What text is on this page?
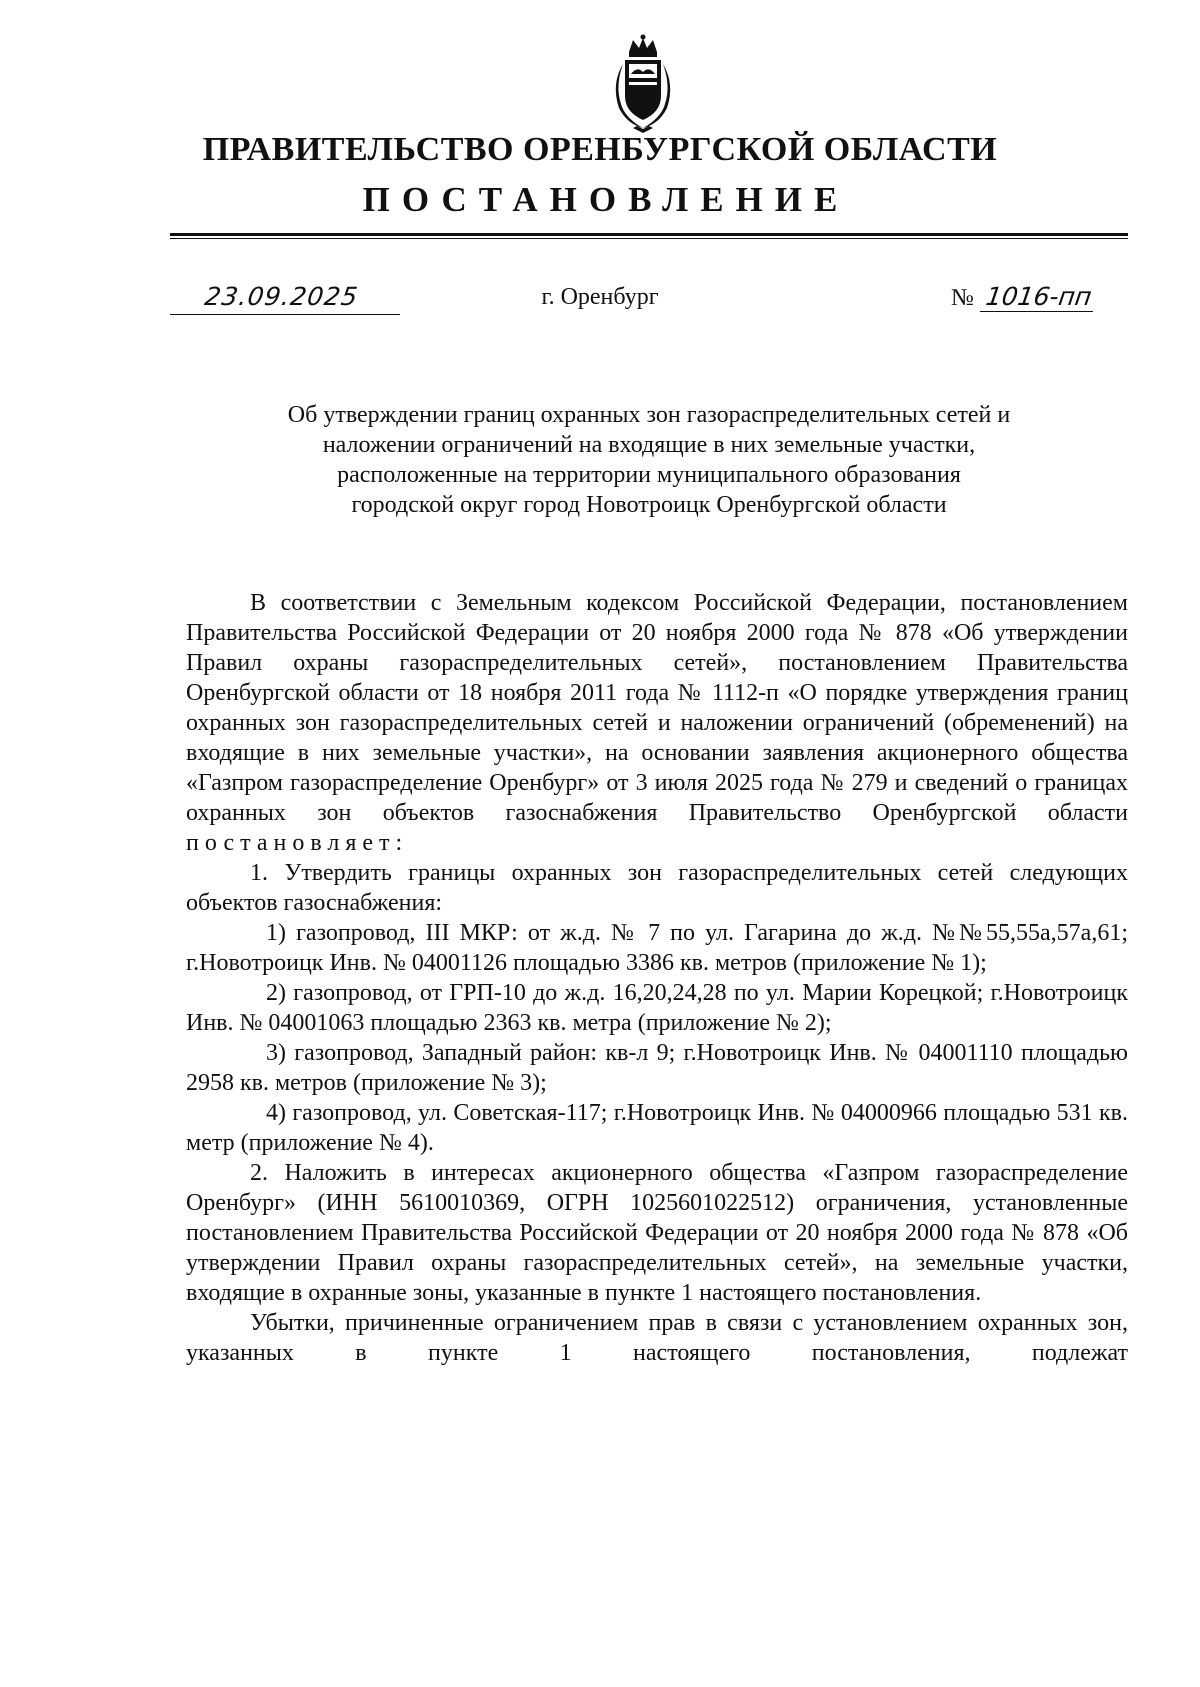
ПРАВИТЕЛЬСТВО ОРЕНБУРГСКОЙ ОБЛАСТИ
ПОСТАНОВЛЕНИЕ
23.09.2025	г. Оренбург	№ 1016-пп
Об утверждении границ охранных зон газораспределительных сетей и
наложении ограничений на входящие в них земельные участки,
расположенные на территории муниципального образования
городской округ город Новотроицк Оренбургской области

В соответствии с Земельным кодексом Российской Федерации, постановлением Правительства Российской Федерации от 20 ноября 2000 года № 878 «Об утверждении Правил охраны газораспределительных сетей», постановлением Правительства Оренбургской области от 18 ноября 2011 года № 1112-п «О порядке утверждения границ охранных зон газораспределительных сетей и наложении ограничений (обременений) на входящие в них земельные участки», на основании заявления акционерного общества «Газпром газораспределение Оренбург» от 3 июля 2025 года № 279 и сведений о границах охранных зон объектов газоснабжения Правительство Оренбургской области постановляет:

1. Утвердить границы охранных зон газораспределительных сетей следующих объектов газоснабжения:

1) газопровод, III МКР: от ж.д. № 7 по ул. Гагарина до ж.д. №№55,55а,57а,61; г.Новотроицк Инв. № 04001126 площадью 3386 кв. метров (приложение № 1);

2) газопровод, от ГРП-10 до ж.д. 16,20,24,28 по ул. Марии Корецкой; г.Новотроицк Инв. № 04001063 площадью 2363 кв. метра (приложение № 2);

3) газопровод, Западный район: кв-л 9; г.Новотроицк Инв. № 04001110 площадью 2958 кв. метров (приложение № 3);

4) газопровод, ул. Советская-117; г.Новотроицк Инв. № 04000966 площадью 531 кв. метр (приложение № 4).

2. Наложить в интересах акционерного общества «Газпром газораспределение Оренбург» (ИНН 5610010369, ОГРН 1025601022512) ограничения, установленные постановлением Правительства Российской Федерации от 20 ноября 2000 года № 878 «Об утверждении Правил охраны газораспределительных сетей», на земельные участки, входящие в охранные зоны, указанные в пункте 1 настоящего постановления.

Убытки, причиненные ограничением прав в связи с установлением охранных зон, указанных в пункте 1 настоящего постановления, подлежат
